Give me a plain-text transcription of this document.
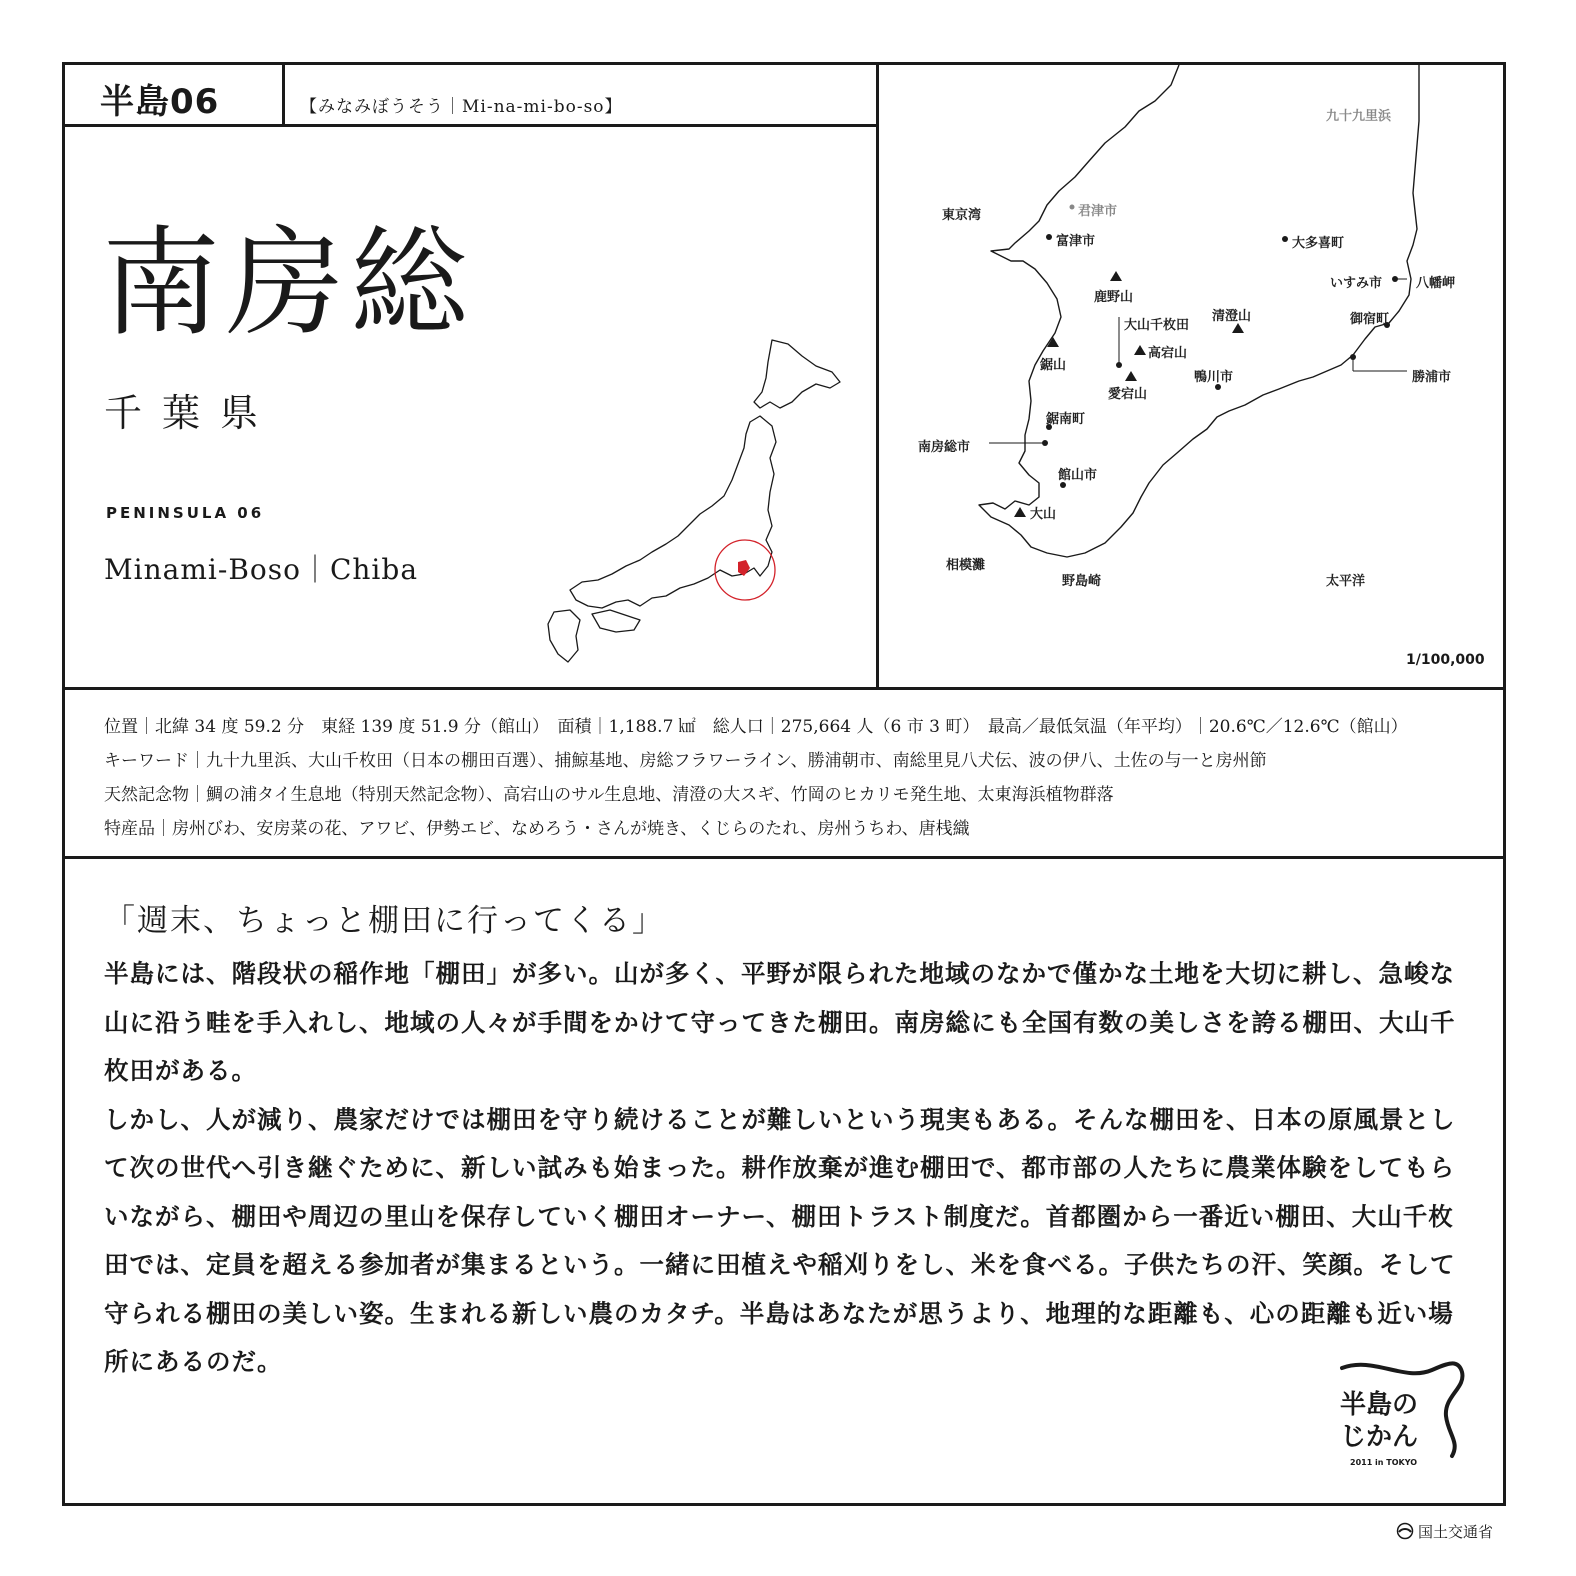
半島06	【みなみぼうそう｜Mi-na-mi-bo-so】
南房総
千葉県
PENINSULA 06
Minami-Boso｜Chiba
九十九里浜
東京湾	君津市
富津市	大多喜町
いすみ市	八幡岬
鹿野山
大山千枚田
清澄山	御宿町
鋸山
高宕山
愛宕山
鴨川市	勝浦市
鋸南町
南房総市
館山市
大山
相模灘
野島崎	太平洋
1/100,000
位置｜北緯 34 度 59.2 分　東経 139 度 51.9 分（館山）　面積｜1,188.7 ㎢　総人口｜275,664 人（6 市 3 町）　最高／最低気温（年平均）｜20.6℃／12.6℃（館山）
キーワード｜九十九里浜、大山千枚田（日本の棚田百選）、捕鯨基地、房総フラワーライン、勝浦朝市、南総里見八犬伝、波の伊八、土佐の与一と房州節
天然記念物｜鯛の浦タイ生息地（特別天然記念物）、高宕山のサル生息地、清澄の大スギ、竹岡のヒカリモ発生地、太東海浜植物群落
特産品｜房州びわ、安房菜の花、アワビ、伊勢エビ、なめろう・さんが焼き、くじらのたれ、房州うちわ、唐桟織
「週末、ちょっと棚田に行ってくる」

半島には、階段状の稲作地「棚田」が多い。山が多く、平野が限られた地域のなかで僅かな土地を大切に耕し、急峻な山に沿う畦を手入れし、地域の人々が手間をかけて守ってきた棚田。南房総にも全国有数の美しさを誇る棚田、大山千枚田がある。

しかし、人が減り、農家だけでは棚田を守り続けることが難しいという現実もある。そんな棚田を、日本の原風景として次の世代へ引き継ぐために、新しい試みも始まった。耕作放棄が進む棚田で、都市部の人たちに農業体験をしてもらいながら、棚田や周辺の里山を保存していく棚田オーナー、棚田トラスト制度だ。首都圏から一番近い棚田、大山千枚田では、定員を超える参加者が集まるという。一緒に田植えや稲刈りをし、米を食べる。子供たちの汗、笑顔。そして守られる棚田の美しい姿。生まれる新しい農のカタチ。半島はあなたが思うより、地理的な距離も、心の距離も近い場所にあるのだ。

半島の
じかん
2011 in TOKYO
国土交通省
